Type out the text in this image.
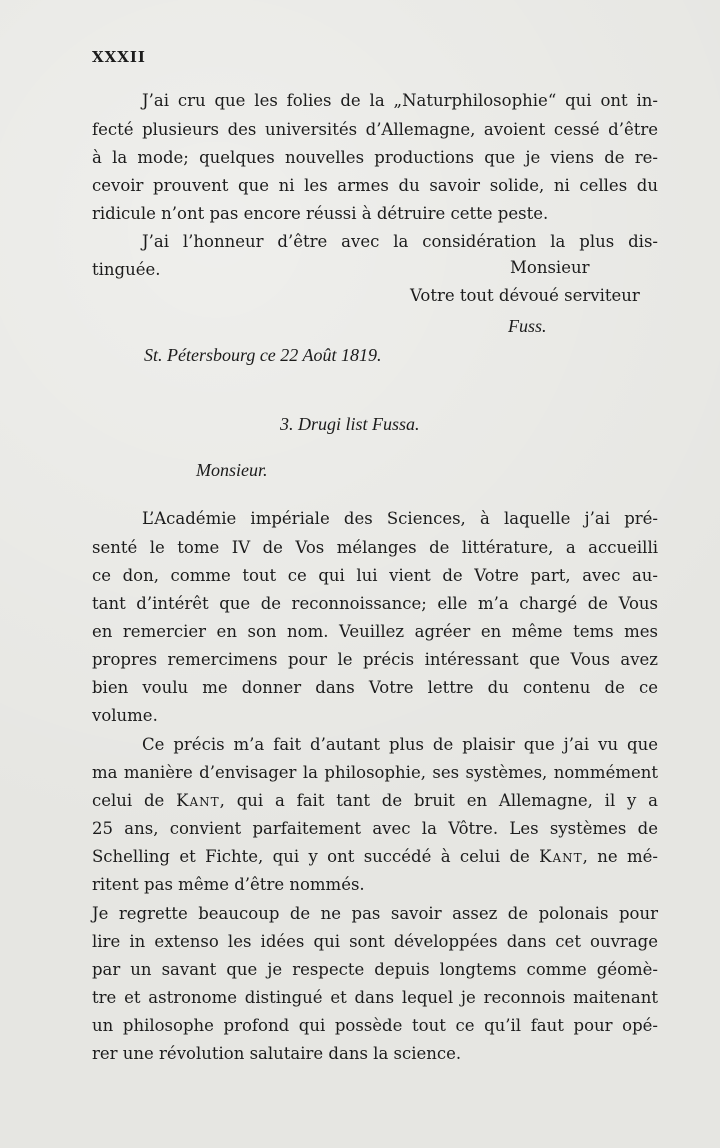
XXXII
J’ai cru que les folies de la „Naturphilosophie“ qui ont in-
fecté plusieurs des universités d’Allemagne, avoient cessé d’être
à la mode; quelques nouvelles productions que je viens de re-
cevoir prouvent que ni les armes du savoir solide, ni celles du
ridicule n’ont pas encore réussi à détruire cette peste.
J’ai l’honneur d’être avec la considération la plus dis-
tinguée.	Monsieur
Votre tout dévoué serviteur
Fuss.
St. Pétersbourg ce 22 Août 1819.
3. Drugi list Fussa.
Monsieur.
L’Académie impériale des Sciences, à laquelle j’ai pré-
senté le tome IV de Vos mélanges de littérature, a accueilli
ce don, comme tout ce qui lui vient de Votre part, avec au-
tant d’intérêt que de reconnoissance; elle m’a chargé de Vous
en remercier en son nom. Veuillez agréer en même tems mes
propres remercimens pour le précis intéressant que Vous avez
bien voulu me donner dans Votre lettre du contenu de ce
volume.
Ce précis m’a fait d’autant plus de plaisir que j’ai vu que
ma manière d’envisager la philosophie, ses systèmes, nommément
celui de Kant, qui a fait tant de bruit en Allemagne, il y a
25 ans, convient parfaitement avec la Vôtre. Les systèmes de
Schelling et Fichte, qui y ont succédé à celui de Kant, ne mé-
ritent pas même d’être nommés.
Je regrette beaucoup de ne pas savoir assez de polonais pour
lire in extenso les idées qui sont développées dans cet ouvrage
par un savant que je respecte depuis longtems comme géomè-
tre et astronome distingué et dans lequel je reconnois maitenant
un philosophe profond qui possède tout ce qu’il faut pour opé-
rer une révolution salutaire dans la science.
